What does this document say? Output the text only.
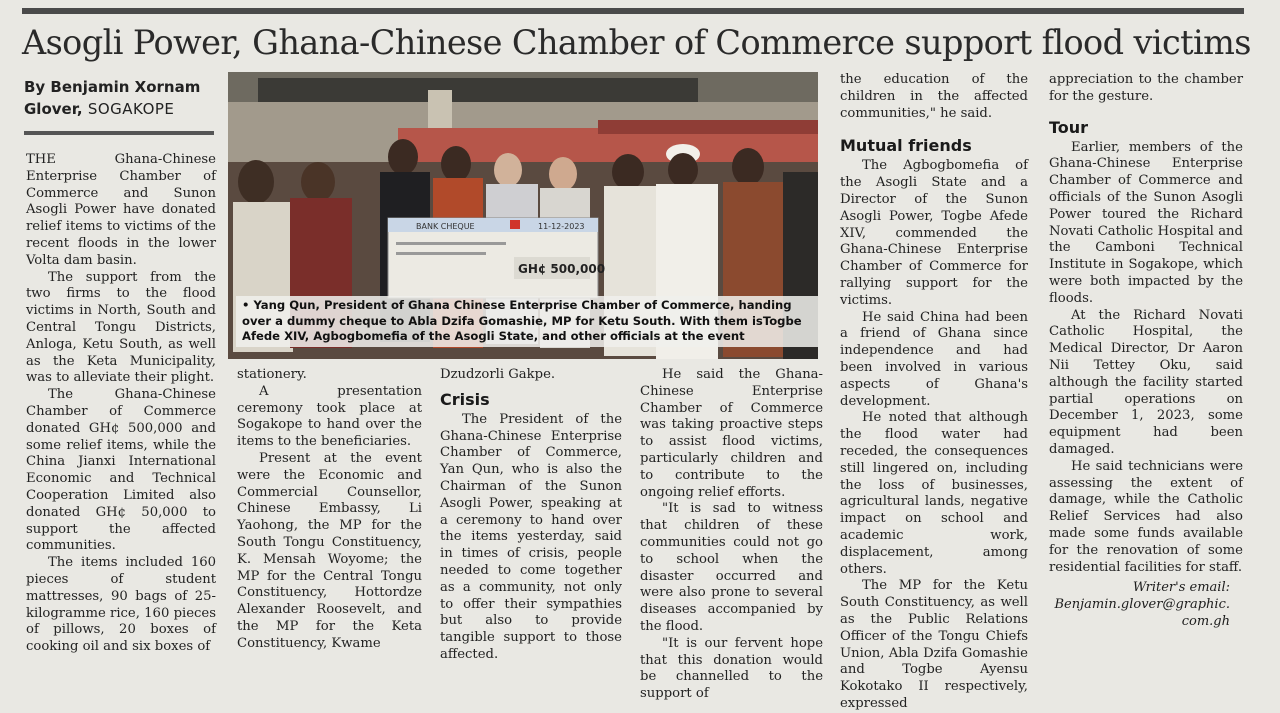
Asogli Power, Ghana-Chinese Chamber of Commerce support flood victims
By Benjamin Xornam
Glover, SOGAKOPE

THE Ghana-Chinese Enterprise Chamber of Commerce and Sunon Asogli Power have donated relief items to victims of the recent floods in the lower Volta dam basin.

The support from the two firms to the flood victims in North, South and Central Tongu Districts, Anloga, Ketu South, as well as the Keta Municipality, was to alleviate their plight.

The Ghana-Chinese Chamber of Commerce donated GH¢ 500,000 and some relief items, while the China Jianxi International Economic and Technical Cooperation Limited also donated GH¢ 50,000 to support the affected communities.

The items included 160 pieces of student mattresses, 90 bags of 25-kilogramme rice, 160 pieces of pillows, 20 boxes of cooking oil and six boxes of

BANK CHEQUE	11-12-2023
GH¢ 500,000
• Yang Qun, President of Ghana Chinese Enterprise Chamber of Commerce, handing over a dummy cheque to Abla Dzifa Gomashie, MP for Ketu South. With them isTogbe Afede XIV, Agbogbomefia of the Asogli State, and other officials at the event

stationery.

A presentation ceremony took place at Sogakope to hand over the items to the beneficiaries.

Present at the event were the Economic and Commercial Counsellor, Chinese Embassy, Li Yaohong, the MP for the South Tongu Constituency, K. Mensah Woyome; the MP for the Central Tongu Constituency, Hottordze Alexander Roosevelt, and the MP for the Keta Constituency, Kwame

Dzudzorli Gakpe.

Crisis

The President of the Ghana-Chinese Enterprise Chamber of Commerce, Yan Qun, who is also the Chairman of the Sunon Asogli Power, speaking at a ceremony to hand over the items yesterday, said in times of crisis, people needed to come together as a community, not only to offer their sympathies but also to provide tangible support to those affected.

He said the Ghana-Chinese Enterprise Chamber of Commerce was taking proactive steps to assist flood victims, particularly children and to contribute to the ongoing relief efforts.

"It is sad to witness that children of these communities could not go to school when the disaster occurred and were also prone to several diseases accompanied by the flood.

"It is our fervent hope that this donation would be channelled to the support of

the education of the children in the affected communities," he said.

Mutual friends

The Agbogbomefia of the Asogli State and a Director of the Sunon Asogli Power, Togbe Afede XIV, commended the Ghana-Chinese Enterprise Chamber of Commerce for rallying support for the victims.

He said China had been a friend of Ghana since independence and had been involved in various aspects of Ghana's development.

He noted that although the flood water had receded, the consequences still lingered on, including the loss of businesses, agricultural lands, negative impact on school and academic work, displacement, among others.

The MP for the Ketu South Constituency, as well as the Public Relations Officer of the Tongu Chiefs Union, Abla Dzifa Gomashie and Togbe Ayensu Kokotako II respectively, expressed

appreciation to the chamber for the gesture.

Tour

Earlier, members of the Ghana-Chinese Enterprise Chamber of Commerce and officials of the Sunon Asogli Power toured the Richard Novati Catholic Hospital and the Camboni Technical Institute in Sogakope, which were both impacted by the floods.

At the Richard Novati Catholic Hospital, the Medical Director, Dr Aaron Nii Tettey Oku, said although the facility started partial operations on December 1, 2023, some equipment had been damaged.

He said technicians were assessing the extent of damage, while the Catholic Relief Services had also made some funds available for the renovation of some residential facilities for staff.

Writer's email:
Benjamin.glover@graphic.com.gh
